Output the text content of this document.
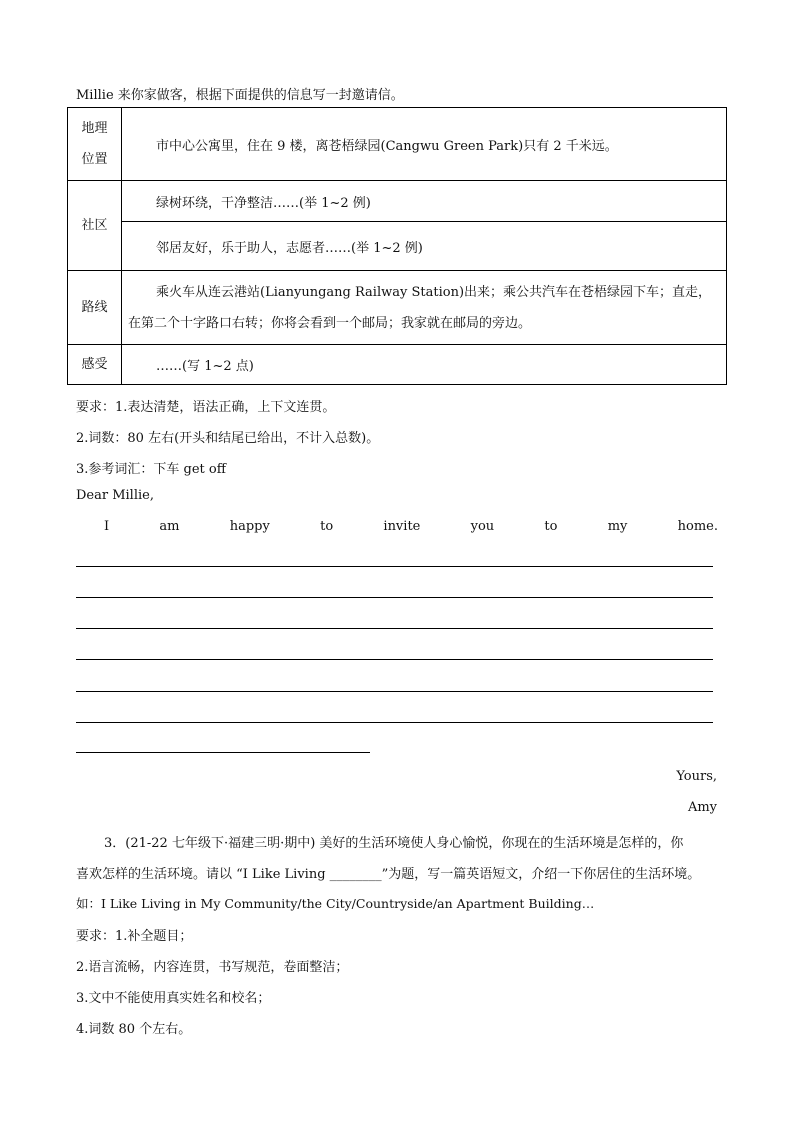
Millie 来你家做客，根据下面提供的信息写一封邀请信。
地理
位置	市中心公寓里，住在 9 楼，离苍梧绿园(Cangwu Green Park)只有 2 千米远。
社区	绿树环绕，干净整洁……(举 1~2 例)
	邻居友好，乐于助人，志愿者……(举 1~2 例)
路线	乘火车从连云港站(Lianyungang Railway Station)出来；乘公共汽车在苍梧绿园下车；直走，
在第二个十字路口右转；你将会看到一个邮局；我家就在邮局的旁边。

感受	……(写 1~2 点)
要求：1.表达清楚，语法正确，上下文连贯。
2.词数：80 左右(开头和结尾已给出，不计入总数)。
3.参考词汇：下车 get off
Dear Millie,
I	am	happy	to	invite	you	to	my	home.
Yours,
Amy
3．(21-22 七年级下·福建三明·期中) 美好的生活环境使人身心愉悦，你现在的生活环境是怎样的，你
喜欢怎样的生活环境。请以 “I Like Living ________”为题，写一篇英语短文，介绍一下你居住的生活环境。
如：I Like Living in My Community/the City/Countryside/an Apartment Building…
要求：1.补全题目；
2.语言流畅，内容连贯，书写规范，卷面整洁；
3.文中不能使用真实姓名和校名；
4.词数 80 个左右。
